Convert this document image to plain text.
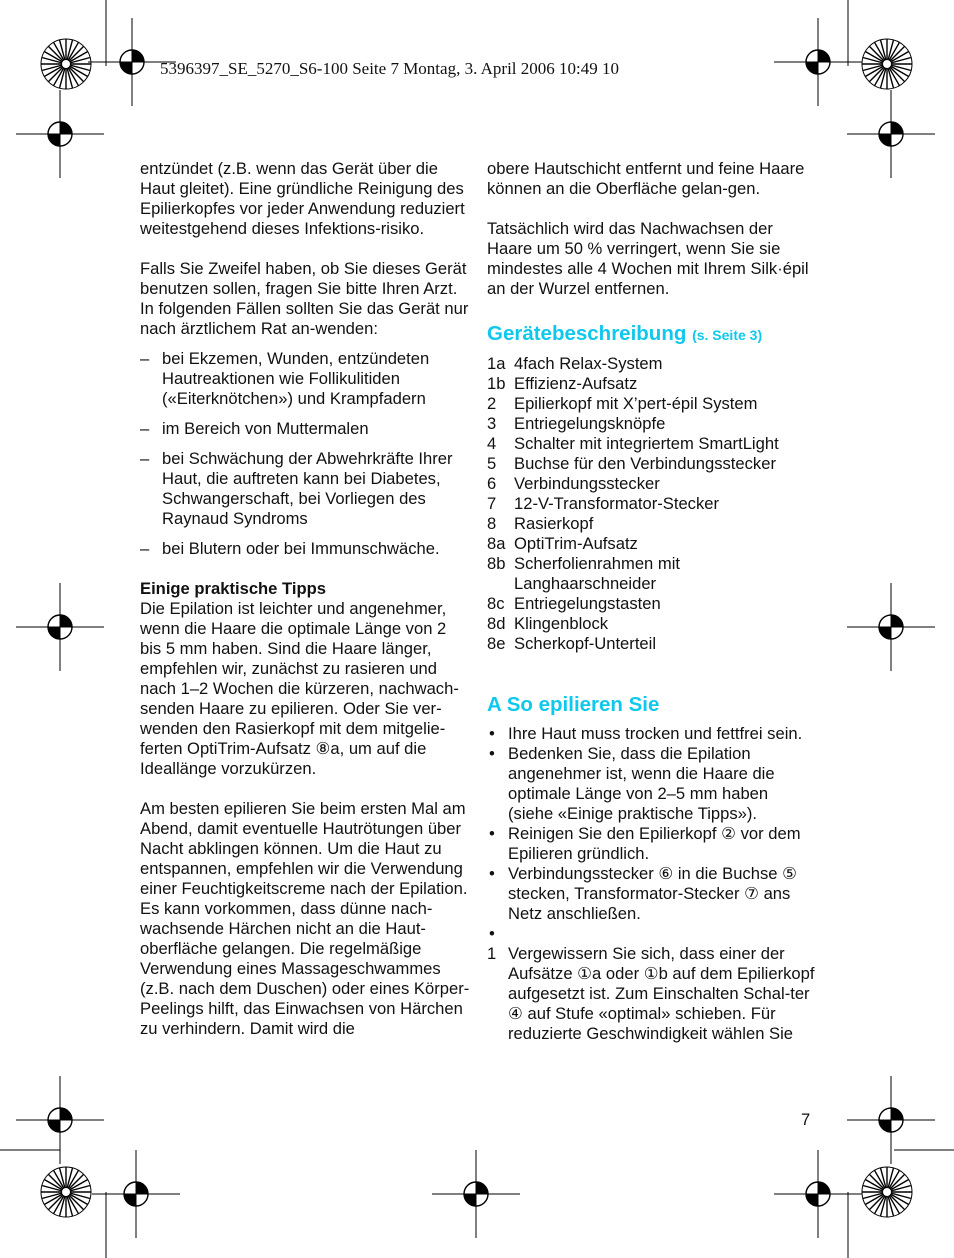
5396397_SE_5270_S6-100 Seite 7 Montag, 3. April 2006 10:49 10

entzündet (z.B. wenn das Gerät über die Haut gleitet). Eine gründliche Reinigung des Epilierkopfes vor jeder Anwendung reduziert weitestgehend dieses Infektions-risiko.

Falls Sie Zweifel haben, ob Sie dieses Gerät benutzen sollen, fragen Sie bitte Ihren Arzt. In folgenden Fällen sollten Sie das Gerät nur nach ärztlichem Rat an-wenden:

– bei Ekzemen, Wunden, entzündeten Hautreaktionen wie Follikulitiden («Eiterknötchen») und Krampfadern
– im Bereich von Muttermalen
– bei Schwächung der Abwehrkräfte Ihrer Haut, die auftreten kann bei Diabetes, Schwangerschaft, bei Vorliegen des Raynaud Syndroms
– bei Blutern oder bei Immunschwäche.

Einige praktische Tipps

Die Epilation ist leichter und angenehmer, wenn die Haare die optimale Länge von 2 bis 5 mm haben. Sind die Haare länger, empfehlen wir, zunächst zu rasieren und nach 1–2 Wochen die kürzeren, nachwach-senden Haare zu epilieren. Oder Sie ver-wenden den Rasierkopf mit dem mitgelie-ferten OptiTrim-Aufsatz ⑧a, um auf die Ideallänge vorzukürzen.

Am besten epilieren Sie beim ersten Mal am Abend, damit eventuelle Hautrötungen über Nacht abklingen können. Um die Haut zu entspannen, empfehlen wir die Verwendung einer Feuchtigkeitscreme nach der Epilation.

Es kann vorkommen, dass dünne nach-wachsende Härchen nicht an die Haut-oberfläche gelangen. Die regelmäßige Verwendung eines Massageschwammes (z.B. nach dem Duschen) oder eines Körper-Peelings hilft, das Einwachsen von Härchen zu verhindern. Damit wird die

obere Hautschicht entfernt und feine Haare können an die Oberfläche gelan-gen.

Tatsächlich wird das Nachwachsen der Haare um 50 % verringert, wenn Sie sie mindestes alle 4 Wochen mit Ihrem Silk·épil an der Wurzel entfernen.

Gerätebeschreibung (s. Seite 3)
1a 4fach Relax-System
1b Effizienz-Aufsatz
2 Epilierkopf mit X’pert-épil System
3 Entriegelungsknöpfe
4 Schalter mit integriertem SmartLight
5 Buchse für den Verbindungsstecker
6 Verbindungsstecker
7 12-V-Transformator-Stecker
8 Rasierkopf
8a OptiTrim-Aufsatz
8b Scherfolienrahmen mit Langhaarschneider
8c Entriegelungstasten
8d Klingenblock
8e Scherkopf-Unterteil
A So epilieren Sie
• Ihre Haut muss trocken und fettfrei sein.
• Bedenken Sie, dass die Epilation angenehmer ist, wenn die Haare die optimale Länge von 2–5 mm haben (siehe «Einige praktische Tipps»).
• Reinigen Sie den Epilierkopf ② vor dem Epilieren gründlich.
• Verbindungsstecker ⑥ in die Buchse ⑤ stecken, Transformator-Stecker ⑦ ans Netz anschließen.
•
1 Vergewissern Sie sich, dass einer der Aufsätze ①a oder ①b auf dem Epilierkopf aufgesetzt ist. Zum Einschalten Schal-ter ④ auf Stufe «optimal» schieben. Für reduzierte Geschwindigkeit wählen Sie
7
